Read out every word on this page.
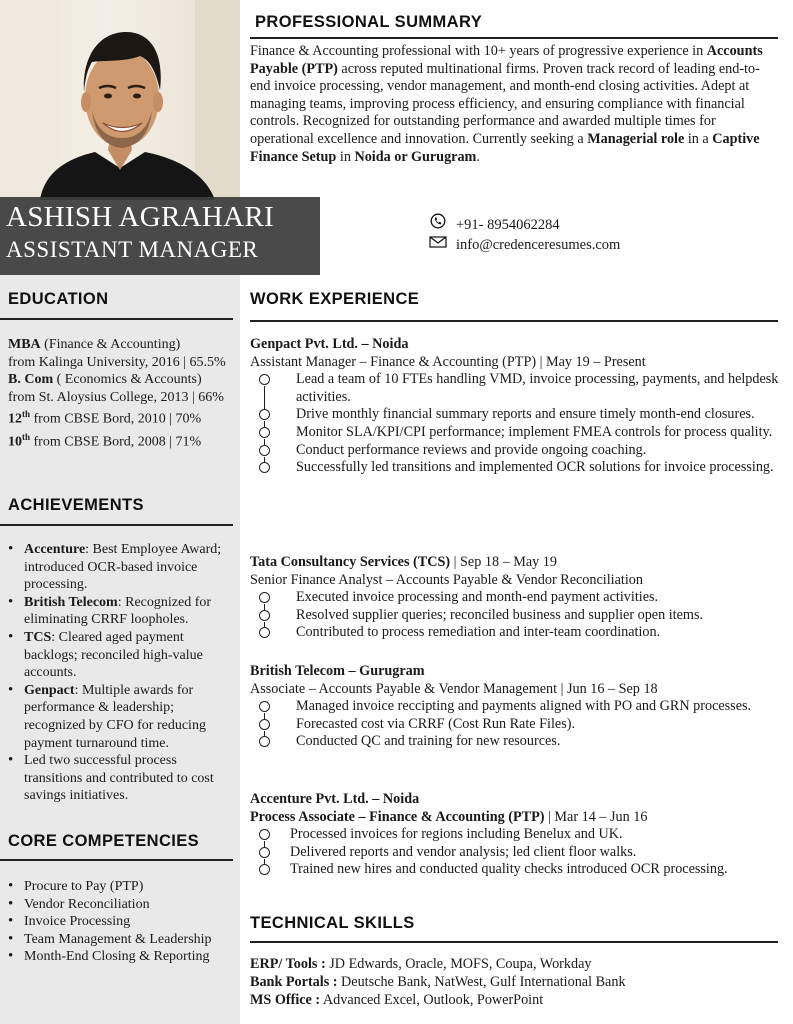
ASHISH AGRAHARI
ASSISTANT MANAGER
EDUCATION
MBA (Finance & Accounting)
from Kalinga University, 2016 | 65.5%
B. Com ( Economics & Accounts)
from St. Aloysius College, 2013 | 66%
12th from CBSE Bord, 2010 | 70%
10th from CBSE Bord, 2008 | 71%
ACHIEVEMENTS
• Accenture: Best Employee Award; introduced OCR-based invoice processing.
• British Telecom: Recognized for eliminating CRRF loopholes.
• TCS: Cleared aged payment backlogs; reconciled high-value accounts.
• Genpact: Multiple awards for performance & leadership; recognized by CFO for reducing payment turnaround time.
• Led two successful process transitions and contributed to cost savings initiatives.
CORE COMPETENCIES
• Procure to Pay (PTP)
• Vendor Reconciliation
• Invoice Processing
• Team Management & Leadership
• Month-End Closing & Reporting
PROFESSIONAL SUMMARY
Finance & Accounting professional with 10+ years of progressive experience in Accounts Payable (PTP) across reputed multinational firms. Proven track record of leading end-to-end invoice processing, vendor management, and month-end closing activities. Adept at managing teams, improving process efficiency, and ensuring compliance with financial controls. Recognized for outstanding performance and awarded multiple times for operational excellence and innovation. Currently seeking a Managerial role in a Captive Finance Setup in Noida or Gurugram.
+91- 8954062284
info@credenceresumes.com
WORK EXPERIENCE
Genpact Pvt. Ltd. – Noida
Assistant Manager – Finance & Accounting (PTP) | May 19 – Present
Lead a team of 10 FTEs handling VMD, invoice processing, payments, and helpdesk activities.
Drive monthly financial summary reports and ensure timely month-end closures.
Monitor SLA/KPI/CPI performance; implement FMEA controls for process quality.
Conduct performance reviews and provide ongoing coaching.
Successfully led transitions and implemented OCR solutions for invoice processing.
Tata Consultancy Services (TCS) | Sep 18 – May 19
Senior Finance Analyst – Accounts Payable & Vendor Reconciliation
Executed invoice processing and month-end payment activities.
Resolved supplier queries; reconciled business and supplier open items.
Contributed to process remediation and inter-team coordination.
British Telecom – Gurugram
Associate – Accounts Payable & Vendor Management | Jun 16 – Sep 18
Managed invoice reccipting and payments aligned with PO and GRN processes.
Forecasted cost via CRRF (Cost Run Rate Files).
Conducted QC and training for new resources.
Accenture Pvt. Ltd. – Noida
Process Associate – Finance & Accounting (PTP) | Mar 14 – Jun 16
Processed invoices for regions including Benelux and UK.
Delivered reports and vendor analysis; led client floor walks.
Trained new hires and conducted quality checks introduced OCR processing.
TECHNICAL SKILLS
ERP/ Tools : JD Edwards, Oracle, MOFS, Coupa, Workday
Bank Portals : Deutsche Bank, NatWest, Gulf International Bank
MS Office : Advanced Excel, Outlook, PowerPoint
